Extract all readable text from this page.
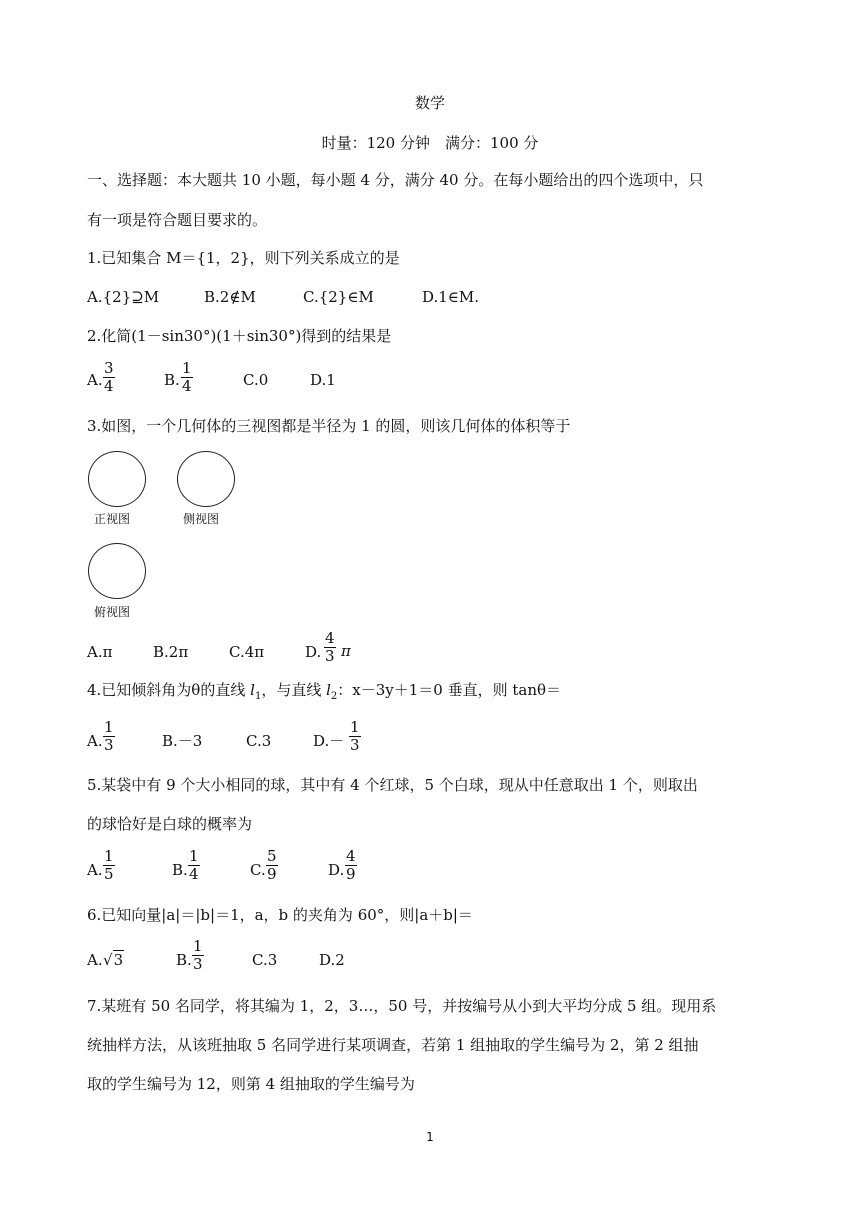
数学
时量：120 分钟　满分：100 分
一、选择题：本大题共 10 小题，每小题 4 分，满分 40 分。在每小题给出的四个选项中，只
有一项是符合题目要求的。
1.已知集合 M＝{1，2}，则下列关系成立的是
A.{2}⊇M	B.2∉M	C.{2}∈M	D.1∈M.
2.化简(1－sin30°)(1＋sin30°)得到的结果是
A. $\frac{3}{4}$	B. $\frac{1}{4}$	C.0	D.1
3.如图，一个几何体的三视图都是半径为 1 的圆，则该几何体的体积等于
正视图	侧视图
俯视图
A.π	B.2π	C.4π	D. $\frac{4}{3}$ π
4.已知倾斜角为θ的直线 $l_1$，与直线 $l_2$：x－3y＋1＝0 垂直，则 tanθ＝
A. $\frac{1}{3}$	B.－3	C.3	$D.- \frac{1}{3}$
5.某袋中有 9 个大小相同的球，其中有 4 个红球，5 个白球，现从中任意取出 1 个，则取出
的球恰好是白球的概率为
A. $\frac{1}{5}$	B. $\frac{1}{4}$	C. $\frac{5}{9}$	D. $\frac{4}{9}$
6.已知向量|a|＝|b|＝1，a，b 的夹角为 60°，则|a＋b|＝
A. √3	B. $\frac{1}{3}$	C.3	D.2
7.某班有 50 名同学，将其编为 1，2，3…，50 号，并按编号从小到大平均分成 5 组。现用系
统抽样方法，从该班抽取 5 名同学进行某项调查，若第 1 组抽取的学生编号为 2，第 2 组抽
取的学生编号为 12，则第 4 组抽取的学生编号为
1
